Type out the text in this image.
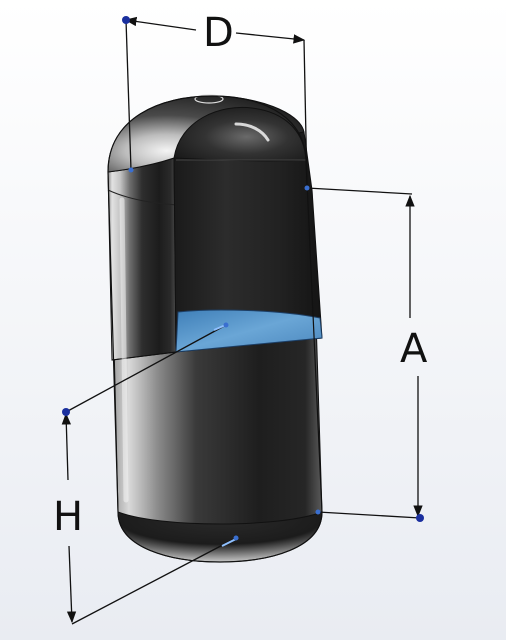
D
A
H
